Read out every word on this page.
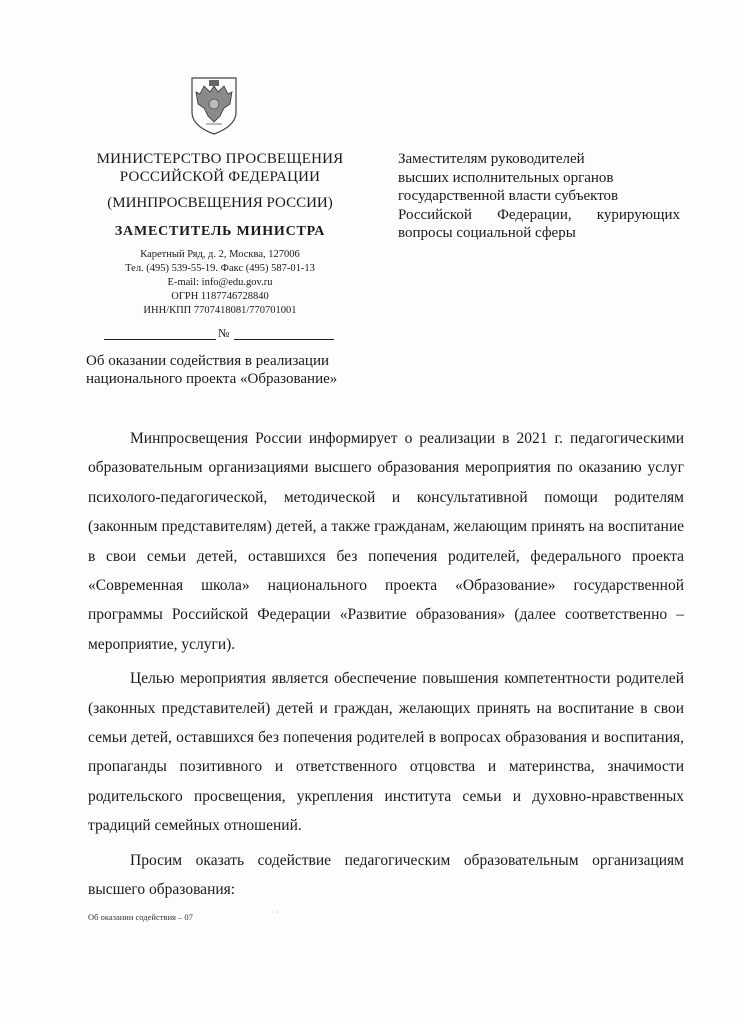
МИНИСТЕРСТВО ПРОСВЕЩЕНИЯ
РОССИЙСКОЙ ФЕДЕРАЦИИ
(МИНПРОСВЕЩЕНИЯ РОССИИ)
ЗАМЕСТИТЕЛЬ МИНИСТРА
Каретный Ряд, д. 2, Москва, 127006
Тел. (495) 539-55-19. Факс (495) 587-01-13
E-mail: info@edu.gov.ru
ОГРН 1187746728840
ИНН/КПП 7707418081/770701001
№
Об оказании содействия в реализации
национального проекта «Образование»
Заместителям руководителей
высших исполнительных органов
государственной власти субъектов
Российской Федерации, курирующих
вопросы социальной сферы

Минпросвещения России информирует о реализации в 2021 г. педагогическими образовательным организациями высшего образования мероприятия по оказанию услуг психолого-педагогической, методической и консультативной помощи родителям (законным представителям) детей, а также гражданам, желающим принять на воспитание в свои семьи детей, оставшихся без попечения родителей, федерального проекта «Современная школа» национального проекта «Образование» государственной программы Российской Федерации «Развитие образования» (далее соответственно – мероприятие, услуги).

Целью мероприятия является обеспечение повышения компетентности родителей (законных представителей) детей и граждан, желающих принять на воспитание в свои семьи детей, оставшихся без попечения родителей в вопросах образования и воспитания, пропаганды позитивного и ответственного отцовства и материнства, значимости родительского просвещения, укрепления института семьи и духовно-нравственных традиций семейных отношений.

Просим оказать содействие педагогическим образовательным организациям высшего образования:

·
Об оказании содействия – 07
